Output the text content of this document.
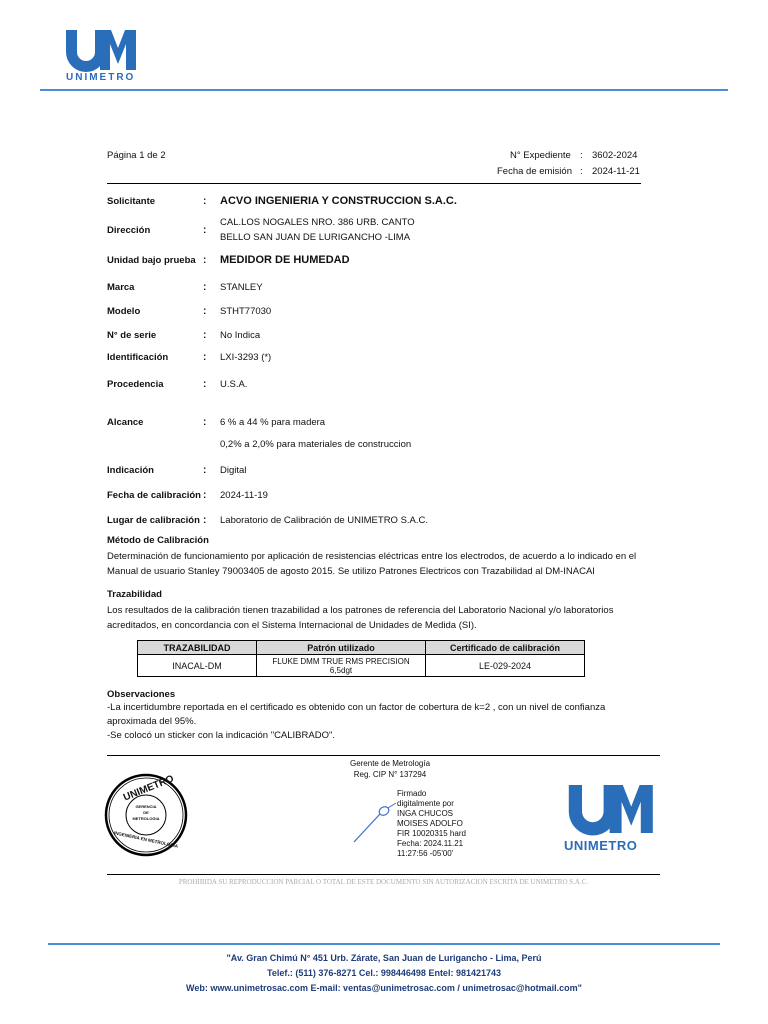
UNIMETRO
Página 1 de 2	N° Expediente : 3602-2024
Fecha de emisión : 2024-11-21
Solicitante	: ACVO INGENIERIA Y CONSTRUCCION S.A.C.
Dirección	:
CAL.LOS NOGALES NRO. 386 URB. CANTO
BELLO SAN JUAN DE LURIGANCHO -LIMA
Unidad bajo prueba : MEDIDOR DE HUMEDAD
Marca	: STANLEY
Modelo	: STHT77030
N° de serie	: No Indica
Identificación	: LXI-3293 (*)
Procedencia	: U.S.A.
Alcance	: 6 % a 44 % para madera
0,2% a 2,0% para materiales de construccion
Indicación	: Digital
Fecha de calibración : 2024-11-19
Lugar de calibración : Laboratorio de Calibración de UNIMETRO S.A.C.
Método de Calibración
Determinación de funcionamiento por aplicación de resistencias eléctricas entre los electrodos, de acuerdo a lo indicado en el Manual de usuario Stanley 79003405 de agosto 2015. Se utilizo Patrones Electricos con Trazabilidad al DM-INACAI
Trazabilidad
Los resultados de la calibración tienen trazabilidad a los patrones de referencia del Laboratorio Nacional y/o laboratorios acreditados, en concordancia con el Sistema Internacional de Unidades de Medida (SI).
TRAZABILIDAD	Patrón utilizado	Certificado de calibración
INACAL-DM	FLUKE DMM TRUE RMS PRECISION 6,5dgt	LE-029-2024
Observaciones
-La incertidumbre reportada en el certificado es obtenido con un factor de cobertura de k=2 , con un nivel de confianza
aproximada del 95%.
-Se colocó un sticker con la indicación "CALIBRADO".
Gerente de Metrología
Reg. CIP N° 137294
UNIMETRO
GERENCIA
DE
METROLOGIA
INGENIERIA EN METROLOGIA
Firmado
digitalmente por
INGA CHUCOS
MOISES ADOLFO
FIR 10020315 hard
Fecha: 2024.11.21
11:27:56 -05'00'
UNIMETRO
PROHIBIDA SU REPRODUCCION PARCIAL O TOTAL DE ESTE DOCUMENTO SIN AUTORIZACION ESCRITA DE UNIMETRO S.A.C.
"Av. Gran Chimú N° 451 Urb. Zárate, San Juan de Lurigancho - Lima, Perú
Telef.: (511) 376-8271 Cel.: 998446498 Entel: 981421743
Web: www.unimetrosac.com E-mail: ventas@unimetrosac.com / unimetrosac@hotmail.com"
